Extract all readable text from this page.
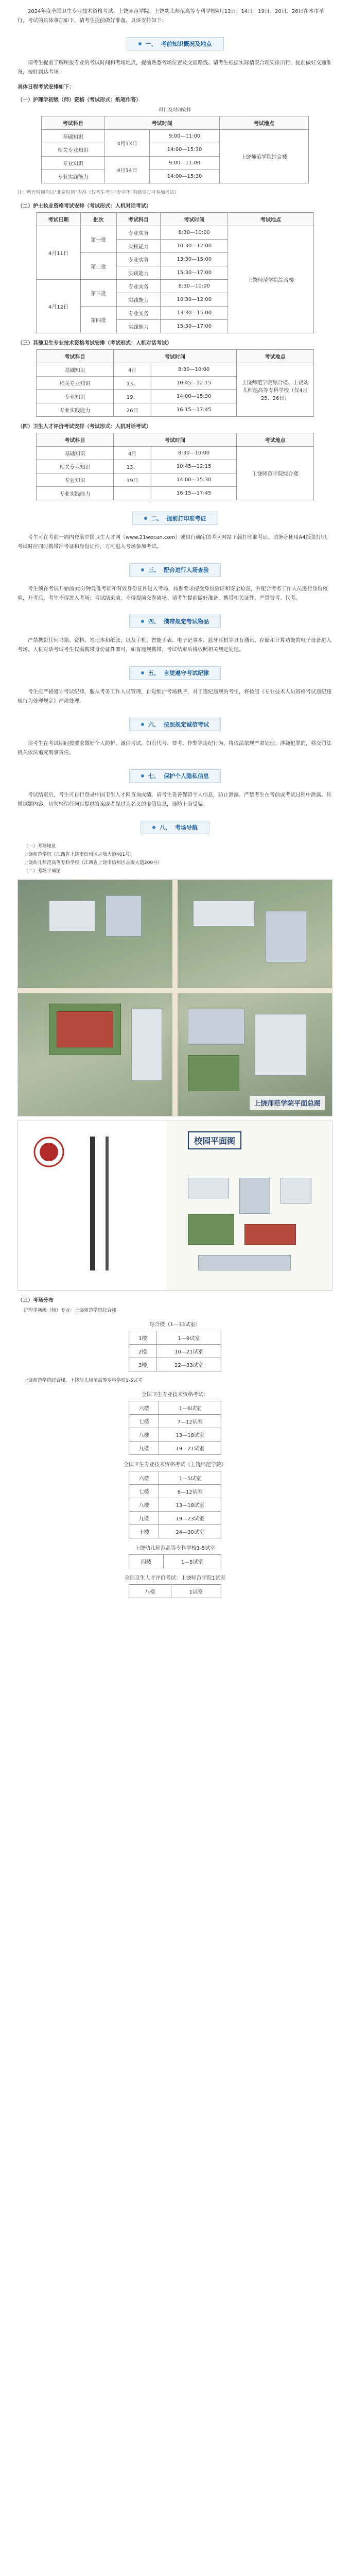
2024年度全国卫生专业技术资格考试、上饶师范学院、上饶幼儿师范高等专科学校4月13日、14日、19日、20日、26日在本市举行。考试的具体事项如下，请考生提前做好准备。具体安排如下：

一、 考前知识概况及地点

请考生提前了解所报专业的考试时间和考场地点，提前熟悉考场位置及交通路线。请考生根据实际情况合理安排出行，提前做好交通准备，按时到达考场。

具体日程考试安排如下：

（一）护理学初级（师）资格（考试形式：纸笔作答）

科目及时间安排

考试科目	考试时间		考试地点
基础知识	4月13日	9:00—11:00	上饶师范学院综合楼
相关专业知识		14:00—15:30	
专业知识	4月14日	9:00—11:00	
专业实践能力		14:00—15:30	

注：所有时间均以"北京时间"为准（仅考生考生"专学年"的感觉方可参加考试）

（二）护士执业资格考试安排（考试形式：人机对话考试）

考试日期	批次	考试科目	考试时间	考试地点
4月11日	第一批	专业实务	8:30—10:00	上饶师范学院综合楼
		实践能力	10:30—12:00	
	第二批	专业实务	13:30—15:00	
		实践能力	15:30—17:00	
4月12日	第三批	专业实务	8:30—10:00	
		实践能力	10:30—12:00	
	第四批	专业实务	13:30—15:00	
		实践能力	15:30—17:00	

（三）其他卫生专业技术资格考试安排（考试形式：人机对话考试）

考试科目	考试时间		考试地点
基础知识	4月	8:30—10:00	上饶师范学院综合楼、上饶幼儿师范高等专科学校（仅4月25、26日）
相关专业知识	13、	10:45—12:15	
专业知识	19、	14:00—15:30	
专业实践能力	26日	16:15—17:45	

（四）卫生人才评价考试安排（考试形式：人机对话考试）

考试科目	考试时间		考试地点
基础知识	4月	8:30—10:00	上饶师范学院综合楼
相关专业知识	13、	10:45—12:15	
专业知识	19日	14:00—15:30	
专业实践能力		16:15—17:45	
二、 提前打印准考证

考生可在考前一周内登录中国卫生人才网（www.21wecan.com）或自行确定的考区网站下载打印准考证。请务必使用A4纸张打印，考试时应同时携带准考证和身份证件，方可进入考场参加考试。

三、 配合进行人场查验

考生须在考试开始前30分钟凭准考证和有效身份证件进入考场，按照要求接受身份验证和安全检查，并配合考务工作人员进行身份核验，开考后，考生不得进入考场；考试结束前，不得提前交卷离场。请考生提前做好准备，携带相关证件。严禁替考、代考。

四、 携带规定考试物品

严禁携带任何书籍、资料、笔记本和纸张，以及手机、智能手表、电子记事本、蓝牙耳机等具有通讯、存储和计算功能的电子设备进入考场。人机对话考试考生仅需携带身份证件即可，如有违规携带，考试结束后将依照相关规定处理。

五、 自觉遵守考试纪律

考生应严格遵守考试纪律，服从考务工作人员管理，自觉维护考场秩序，对于违纪违规的考生，将按照《专业技术人员资格考试违纪违规行为处理规定》严肃处理。

六、 按照规定诚信考试

请考生在考试期间按要求做好个人防护，诚信考试，如有代考、替考、作弊等违纪行为，将依法依规严肃处理；涉嫌犯罪的，移交司法机关依法追究刑事责任。

七、 保护个人隐私信息

考试结束后，考生可自行登录中国卫生人才网查询成绩。请考生妥善保管个人信息，防止泄露。严禁考生在考前或考试过程中泄露、传播试题内容。切勿轻信任何以提供答案或者保过为名义的虚假信息，谨防上当受骗。

八、 考场导航
（一）考场地址
上饶师范学院（江西省上饶市信州区志敏大道401号）
上饶幼儿师范高等专科学校（江西省上饶市信州区志敏大道200号）
（二）考场平面图
上饶师范学院平面总图
校园平面图

（三）考场分布

护理学初级（师）专业：上饶师范学院综合楼

综合楼（1—33试室）

1楼	1—9试室
2楼	10—21试室
3楼	22—33试室

上饶师范学院综合楼、上饶幼儿师范高等专科学校1-5试室

全国卫生专业技术资格考试：

六楼	1—6试室
七楼	7—12试室
八楼	13—18试室
九楼	19—21试室

全国卫生专业技术资格考试（上饶师范学院）

六楼	1—5试室
七楼	6—12试室
八楼	13—18试室
九楼	19—23试室
十楼	24—30试室

上饶幼儿师范高等专科学校1-5试室

四楼	1—5试室

全国卫生人才评价考试：上饶师范学院1试室

八楼	1试室
